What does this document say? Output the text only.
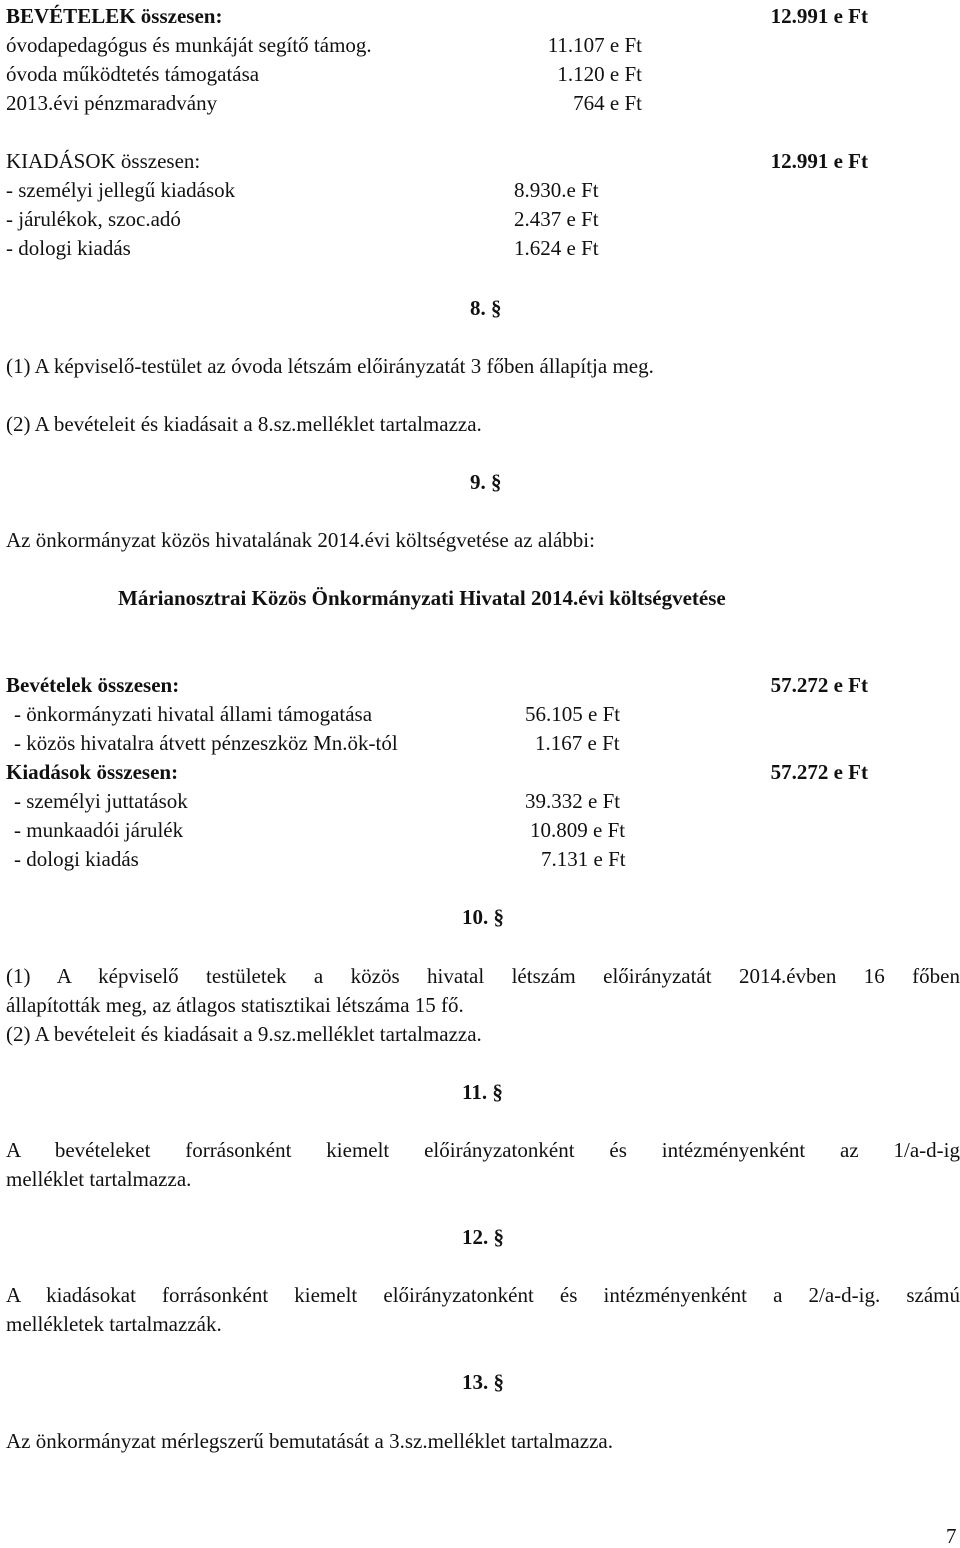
BEVÉTELEK összesen:	12.991 e Ft
óvodapedagógus és munkáját segítő támog.	11.107 e Ft
óvoda működtetés támogatása	1.120 e Ft
2013.évi pénzmaradvány	764 e Ft
KIADÁSOK összesen:	12.991 e Ft
- személyi jellegű kiadások	8.930.e Ft
- járulékok, szoc.adó	2.437 e Ft
- dologi kiadás	1.624 e Ft
8. §
(1) A képviselő-testület az óvoda létszám előirányzatát 3 főben állapítja meg.
(2) A bevételeit és kiadásait a 8.sz.melléklet tartalmazza.
9. §
Az önkormányzat közös hivatalának 2014.évi költségvetése az alábbi:
Márianosztrai Közös Önkormányzati Hivatal 2014.évi költségvetése
Bevételek összesen:	57.272 e Ft
- önkormányzati hivatal állami támogatása	56.105 e Ft
- közös hivatalra átvett pénzeszköz Mn.ök-tól	1.167 e Ft
Kiadások összesen:	57.272 e Ft
- személyi juttatások	39.332 e Ft
- munkaadói járulék	10.809 e Ft
- dologi kiadás	7.131 e Ft
10. §
(1) A képviselő testületek a közös hivatal létszám előirányzatát 2014.évben 16 főben
állapították meg, az átlagos statisztikai létszáma 15 fő.
(2) A bevételeit és kiadásait a 9.sz.melléklet tartalmazza.
11. §
A bevételeket forrásonként kiemelt előirányzatonként és intézményenként az 1/a-d-ig
melléklet tartalmazza.
12. §
A kiadásokat forrásonként kiemelt előirányzatonként és intézményenként a 2/a-d-ig. számú
mellékletek tartalmazzák.
13. §
Az önkormányzat mérlegszerű bemutatását a 3.sz.melléklet tartalmazza.
7
